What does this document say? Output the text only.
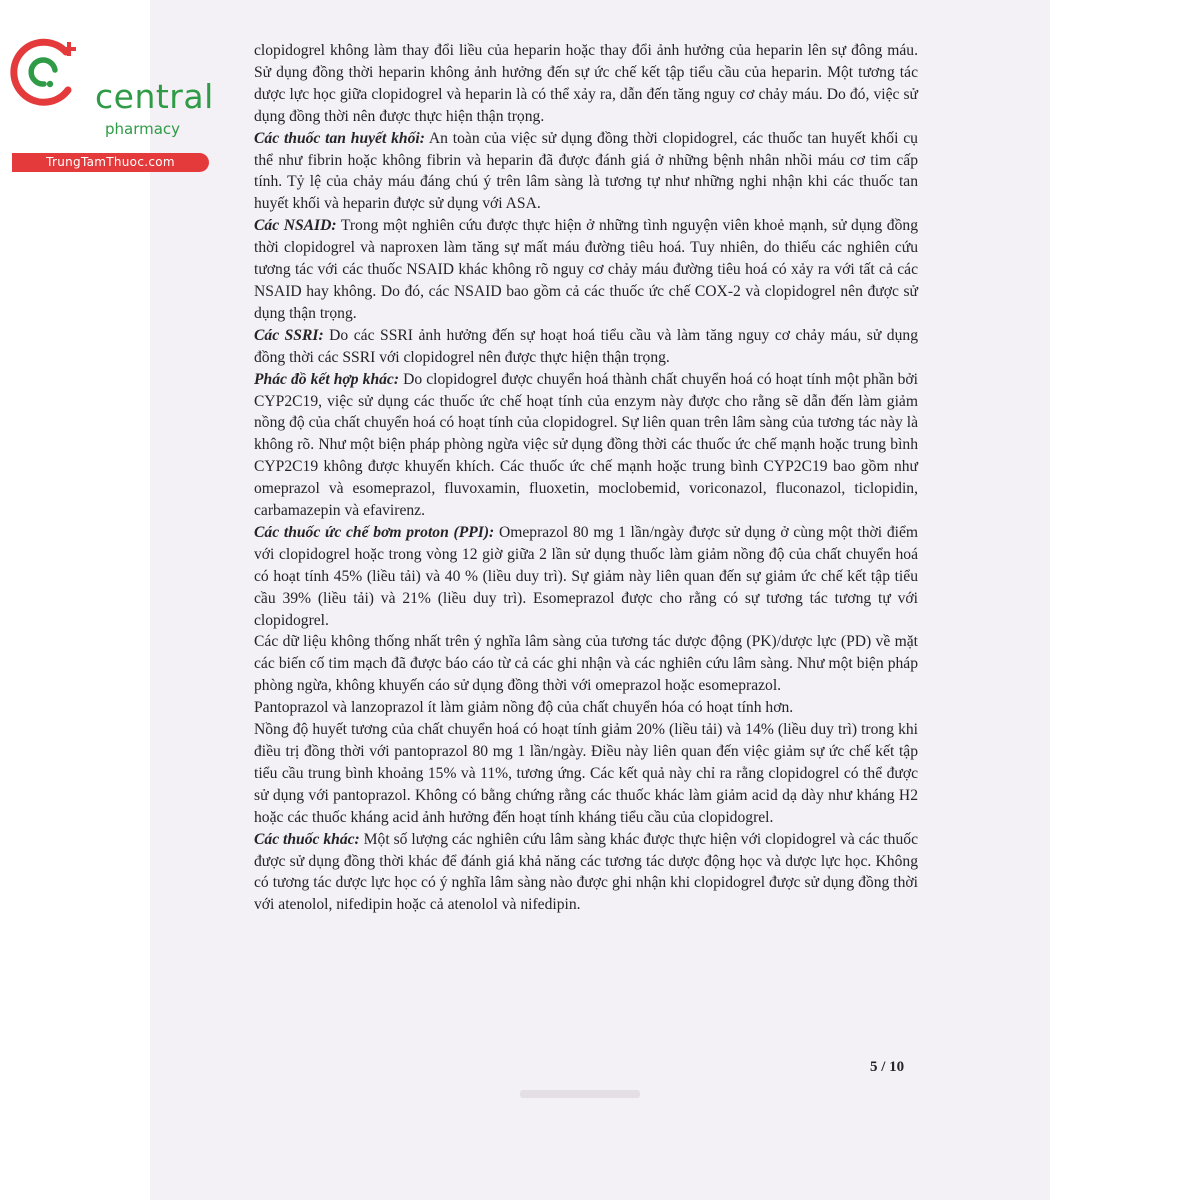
central
pharmacy
TrungTamThuoc.com

clopidogrel không làm thay đổi liều của heparin hoặc thay đổi ảnh hưởng của heparin lên sự đông máu. Sử dụng đồng thời heparin không ảnh hưởng đến sự ức chế kết tập tiểu cầu của heparin. Một tương tác dược lực học giữa clopidogrel và heparin là có thể xảy ra, dẫn đến tăng nguy cơ chảy máu. Do đó, việc sử dụng đồng thời nên được thực hiện thận trọng.

Các thuốc tan huyết khối: An toàn của việc sử dụng đồng thời clopidogrel, các thuốc tan huyết khối cụ thể như fibrin hoặc không fibrin và heparin đã được đánh giá ở những bệnh nhân nhồi máu cơ tim cấp tính. Tỷ lệ của chảy máu đáng chú ý trên lâm sàng là tương tự như những nghi nhận khi các thuốc tan huyết khối và heparin được sử dụng với ASA.

Các NSAID: Trong một nghiên cứu được thực hiện ở những tình nguyện viên khoẻ mạnh, sử dụng đồng thời clopidogrel và naproxen làm tăng sự mất máu đường tiêu hoá. Tuy nhiên, do thiếu các nghiên cứu tương tác với các thuốc NSAID khác không rõ nguy cơ chảy máu đường tiêu hoá có xảy ra với tất cả các NSAID hay không. Do đó, các NSAID bao gồm cả các thuốc ức chế COX-2 và clopidogrel nên được sử dụng thận trọng.

Các SSRI: Do các SSRI ảnh hưởng đến sự hoạt hoá tiểu cầu và làm tăng nguy cơ chảy máu, sử dụng đồng thời các SSRI với clopidogrel nên được thực hiện thận trọng.

Phác đồ kết hợp khác: Do clopidogrel được chuyển hoá thành chất chuyển hoá có hoạt tính một phần bởi CYP2C19, việc sử dụng các thuốc ức chế hoạt tính của enzym này được cho rằng sẽ dẫn đến làm giảm nồng độ của chất chuyển hoá có hoạt tính của clopidogrel. Sự liên quan trên lâm sàng của tương tác này là không rõ. Như một biện pháp phòng ngừa việc sử dụng đồng thời các thuốc ức chế mạnh hoặc trung bình CYP2C19 không được khuyến khích. Các thuốc ức chế mạnh hoặc trung bình CYP2C19 bao gồm như omeprazol và esomeprazol, fluvoxamin, fluoxetin, moclobemid, voriconazol, fluconazol, ticlopidin, carbamazepin và efavirenz.

Các thuốc ức chế bơm proton (PPI): Omeprazol 80 mg 1 lần/ngày được sử dụng ở cùng một thời điểm với clopidogrel hoặc trong vòng 12 giờ giữa 2 lần sử dụng thuốc làm giảm nồng độ của chất chuyển hoá có hoạt tính 45% (liều tải) và 40 % (liều duy trì). Sự giảm này liên quan đến sự giảm ức chế kết tập tiểu cầu 39% (liều tải) và 21% (liều duy trì). Esomeprazol được cho rằng có sự tương tác tương tự với clopidogrel.

Các dữ liệu không thống nhất trên ý nghĩa lâm sàng của tương tác dược động (PK)/dược lực (PD) về mặt các biến cố tim mạch đã được báo cáo từ cả các ghi nhận và các nghiên cứu lâm sàng. Như một biện pháp phòng ngừa, không khuyến cáo sử dụng đồng thời với omeprazol hoặc esomeprazol.

Pantoprazol và lanzoprazol ít làm giảm nồng độ của chất chuyển hóa có hoạt tính hơn.

Nồng độ huyết tương của chất chuyển hoá có hoạt tính giảm 20% (liều tải) và 14% (liều duy trì) trong khi điều trị đồng thời với pantoprazol 80 mg 1 lần/ngày. Điều này liên quan đến việc giảm sự ức chế kết tập tiểu cầu trung bình khoảng 15% và 11%, tương ứng. Các kết quả này chỉ ra rằng clopidogrel có thể được sử dụng với pantoprazol. Không có bằng chứng rằng các thuốc khác làm giảm acid dạ dày như kháng H2 hoặc các thuốc kháng acid ảnh hưởng đến hoạt tính kháng tiểu cầu của clopidogrel.

Các thuốc khác: Một số lượng các nghiên cứu lâm sàng khác được thực hiện với clopidogrel và các thuốc được sử dụng đồng thời khác để đánh giá khả năng các tương tác dược động học và dược lực học. Không có tương tác dược lực học có ý nghĩa lâm sàng nào được ghi nhận khi clopidogrel được sử dụng đồng thời với atenolol, nifedipin hoặc cả atenolol và nifedipin.

5 / 10
